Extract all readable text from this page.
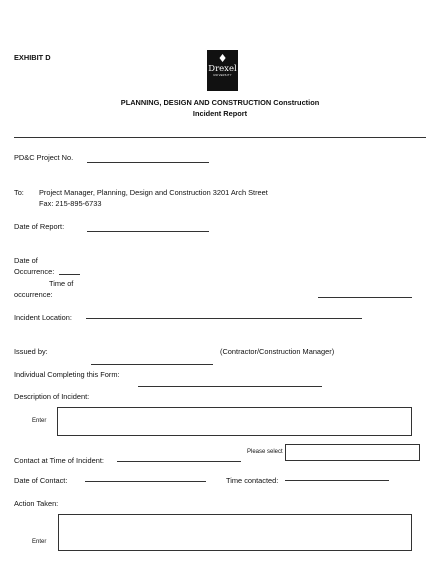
EXHIBIT D	♦
Drexel
UNIVERSITY
PLANNING, DESIGN AND CONSTRUCTION Construction
Incident Report
PD&C Project No.
To: Project Manager, Planning, Design and Construction 3201 Arch Street
Fax: 215-895-6733
Date of Report:
Date of
Occurrence:
Time of
occurrence:
Incident Location:
Issued by:	(Contractor/Construction Manager)
Individual Completing this Form:
Description of Incident:
Enter
Please select
Contact at Time of Incident:
Date of Contact:	Time contacted:
Action Taken:
Enter
